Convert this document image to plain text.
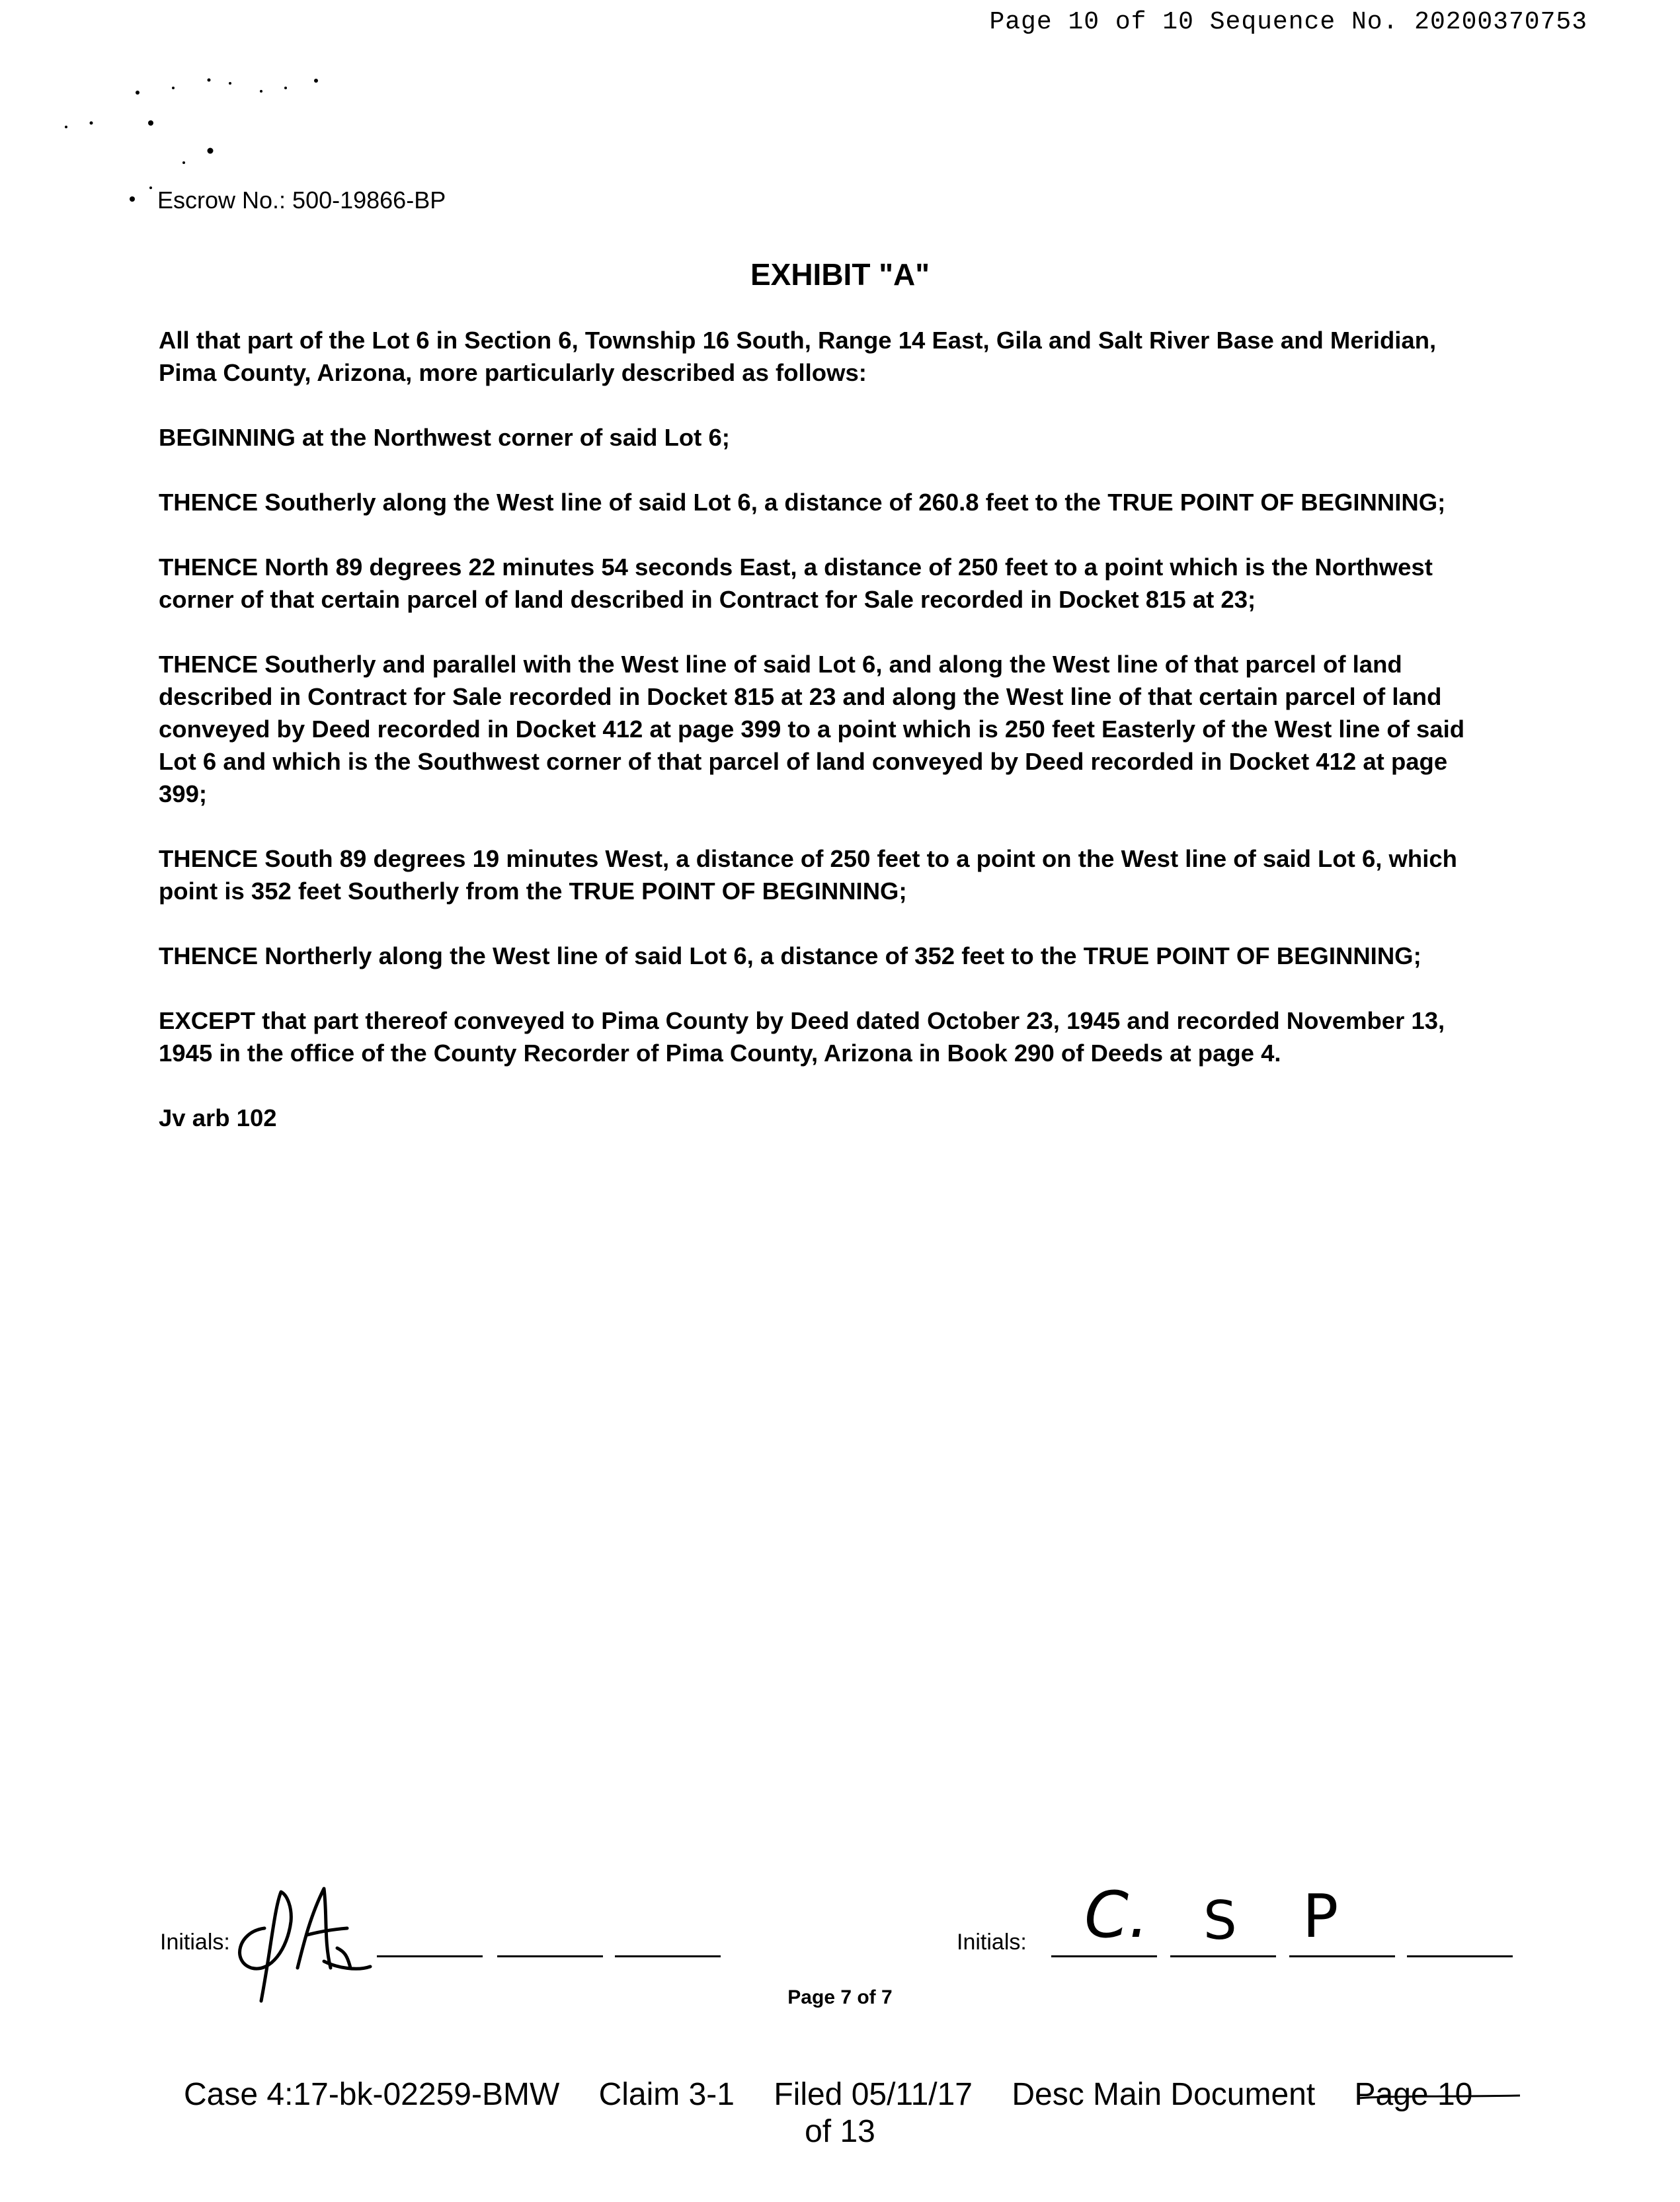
Page 10 of 10 Sequence No. 20200370753
Escrow No.: 500-19866-BP
EXHIBIT "A"

All that part of the Lot 6 in Section 6, Township 16 South, Range 14 East, Gila and Salt River Base and Meridian, Pima County, Arizona, more particularly described as follows:

BEGINNING at the Northwest corner of said Lot 6;

THENCE Southerly along the West line of said Lot 6, a distance of 260.8 feet to the TRUE POINT OF BEGINNING;

THENCE North 89 degrees 22 minutes 54 seconds East, a distance of 250 feet to a point which is the Northwest corner of that certain parcel of land described in Contract for Sale recorded in Docket 815 at 23;

THENCE Southerly and parallel with the West line of said Lot 6, and along the West line of that parcel of land described in Contract for Sale recorded in Docket 815 at 23 and along the West line of that certain parcel of land conveyed by Deed recorded in Docket 412 at page 399 to a point which is 250 feet Easterly of the West line of said Lot 6 and which is the Southwest corner of that parcel of land conveyed by Deed recorded in Docket 412 at page 399;

THENCE South 89 degrees 19 minutes West, a distance of 250 feet to a point on the West line of said Lot 6, which point is 352 feet Southerly from the TRUE POINT OF BEGINNING;

THENCE Northerly along the West line of said Lot 6, a distance of 352 feet to the TRUE POINT OF BEGINNING;

EXCEPT that part thereof conveyed to Pima County by Deed dated October 23, 1945 and recorded November 13, 1945 in the office of the County Recorder of Pima County, Arizona in Book 290 of Deeds at page 4.

Jv arb 102

Initials:	Initials: C. S P
Page 7 of 7
Case 4:17-bk-02259-BMW Claim 3-1 Filed 05/11/17 Desc Main Document Page 10
of 13
